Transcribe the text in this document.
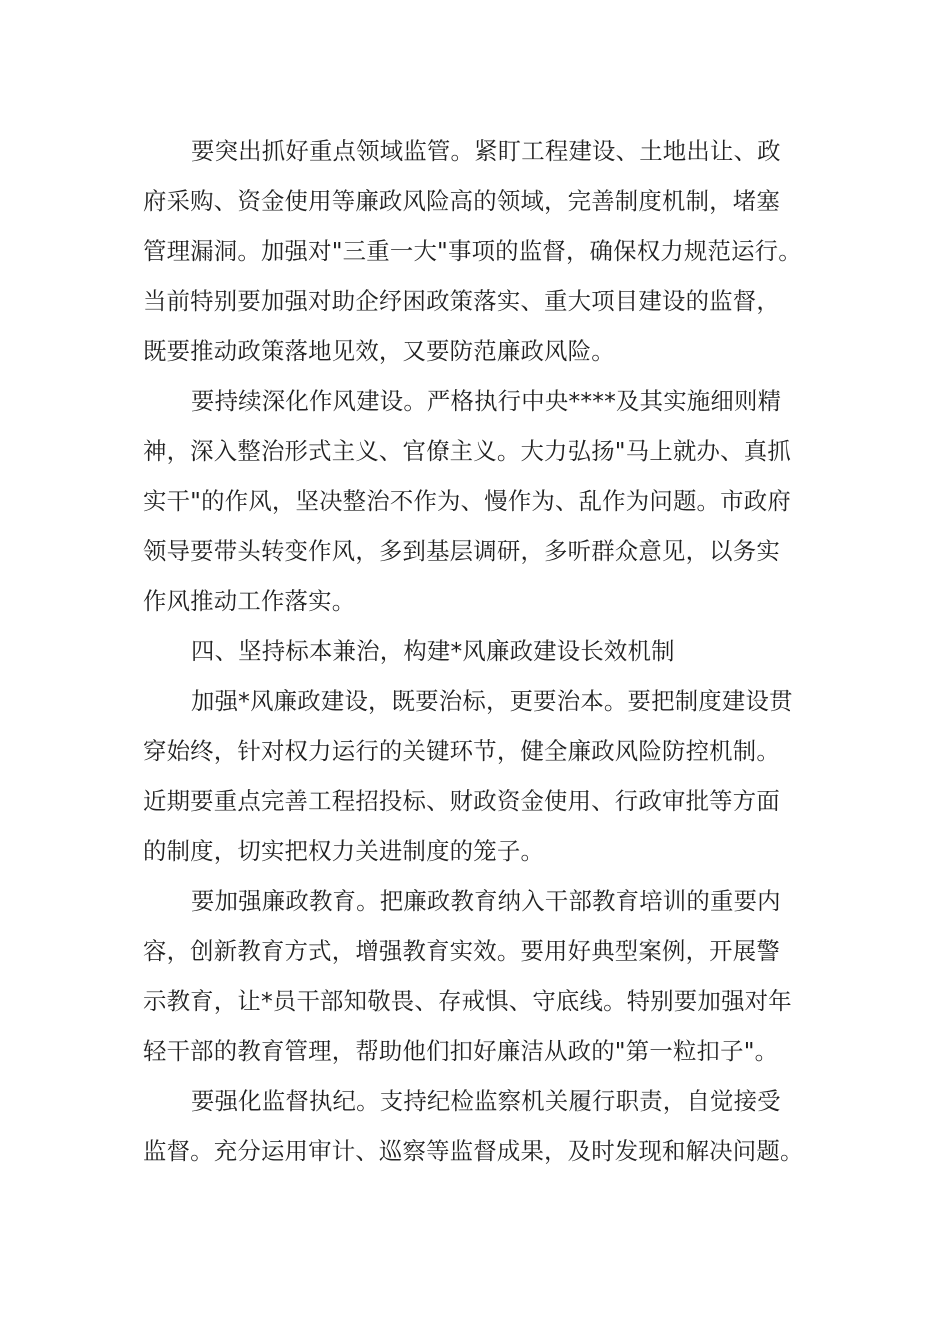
要突出抓好重点领域监管。紧盯工程建设、土地出让、政
府采购、资金使用等廉政风险高的领域，完善制度机制，堵塞
管理漏洞。加强对"三重一大"事项的监督，确保权力规范运行。
当前特别要加强对助企纾困政策落实、重大项目建设的监督，
既要推动政策落地见效，又要防范廉政风险。

要持续深化作风建设。严格执行中央****及其实施细则精
神，深入整治形式主义、官僚主义。大力弘扬"马上就办、真抓
实干"的作风，坚决整治不作为、慢作为、乱作为问题。市政府
领导要带头转变作风，多到基层调研，多听群众意见，以务实
作风推动工作落实。

四、坚持标本兼治，构建*风廉政建设长效机制

加强*风廉政建设，既要治标，更要治本。要把制度建设贯
穿始终，针对权力运行的关键环节，健全廉政风险防控机制。
近期要重点完善工程招投标、财政资金使用、行政审批等方面
的制度，切实把权力关进制度的笼子。

要加强廉政教育。把廉政教育纳入干部教育培训的重要内
容，创新教育方式，增强教育实效。要用好典型案例，开展警
示教育，让*员干部知敬畏、存戒惧、守底线。特别要加强对年
轻干部的教育管理，帮助他们扣好廉洁从政的"第一粒扣子"。

要强化监督执纪。支持纪检监察机关履行职责，自觉接受
监督。充分运用审计、巡察等监督成果，及时发现和解决问题。
